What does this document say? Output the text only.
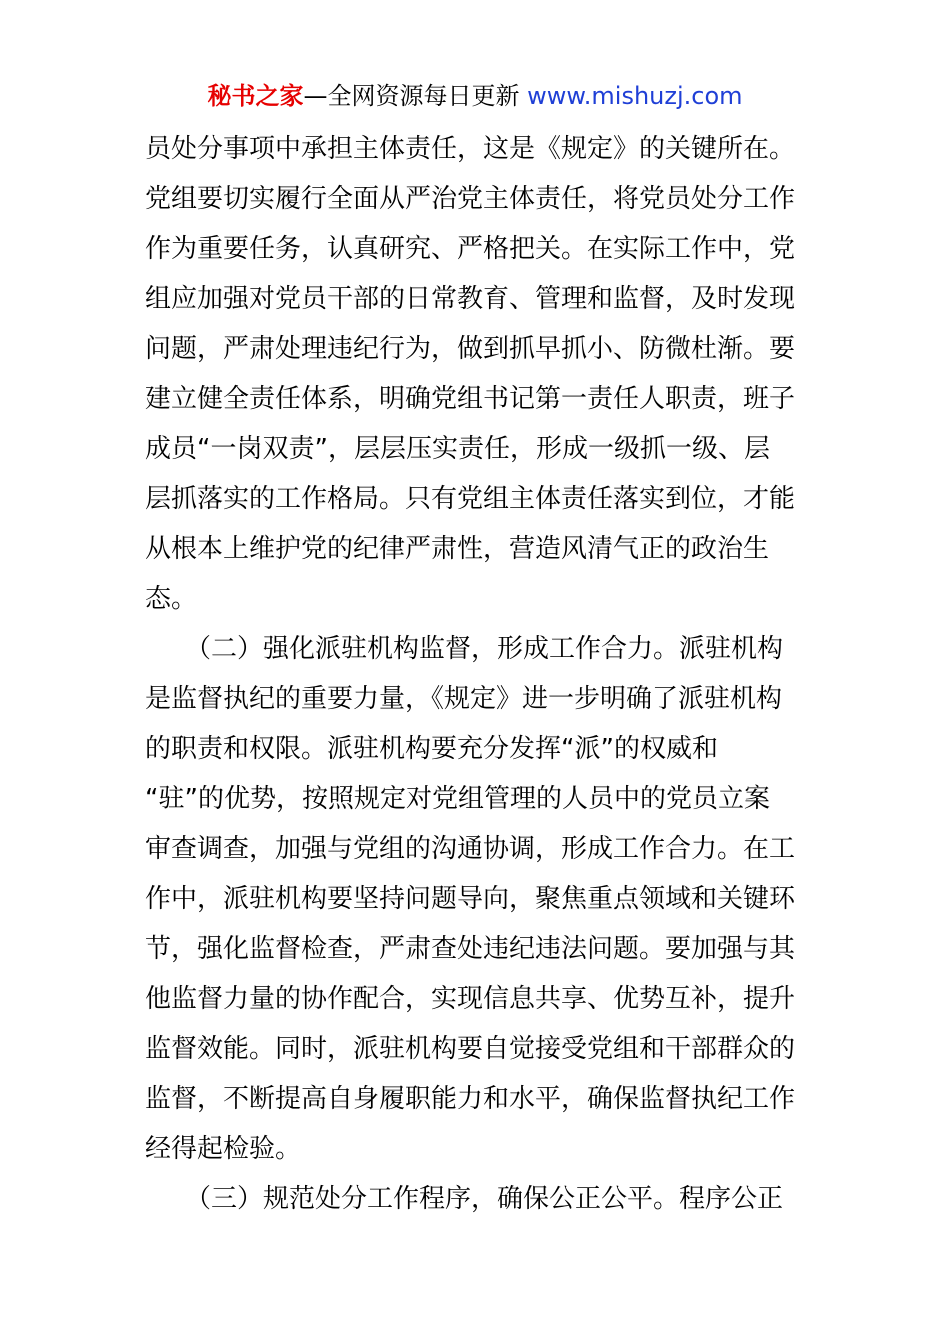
秘书之家—全网资源每日更新 www.mishuzj.com
员处分事项中承担主体责任，这是《规定》的关键所在。
党组要切实履行全面从严治党主体责任，将党员处分工作
作为重要任务，认真研究、严格把关。在实际工作中，党
组应加强对党员干部的日常教育、管理和监督，及时发现
问题，严肃处理违纪行为，做到抓早抓小、防微杜渐。要
建立健全责任体系，明确党组书记第一责任人职责，班子
成员“一岗双责”，层层压实责任，形成一级抓一级、层
层抓落实的工作格局。只有党组主体责任落实到位，才能
从根本上维护党的纪律严肃性，营造风清气正的政治生
态。
（二）强化派驻机构监督，形成工作合力。派驻机构
是监督执纪的重要力量，《规定》进一步明确了派驻机构
的职责和权限。派驻机构要充分发挥“派”的权威和
“驻”的优势，按照规定对党组管理的人员中的党员立案
审查调查，加强与党组的沟通协调，形成工作合力。在工
作中，派驻机构要坚持问题导向，聚焦重点领域和关键环
节，强化监督检查，严肃查处违纪违法问题。要加强与其
他监督力量的协作配合，实现信息共享、优势互补，提升
监督效能。同时，派驻机构要自觉接受党组和干部群众的
监督，不断提高自身履职能力和水平，确保监督执纪工作
经得起检验。
（三）规范处分工作程序，确保公正公平。程序公正
